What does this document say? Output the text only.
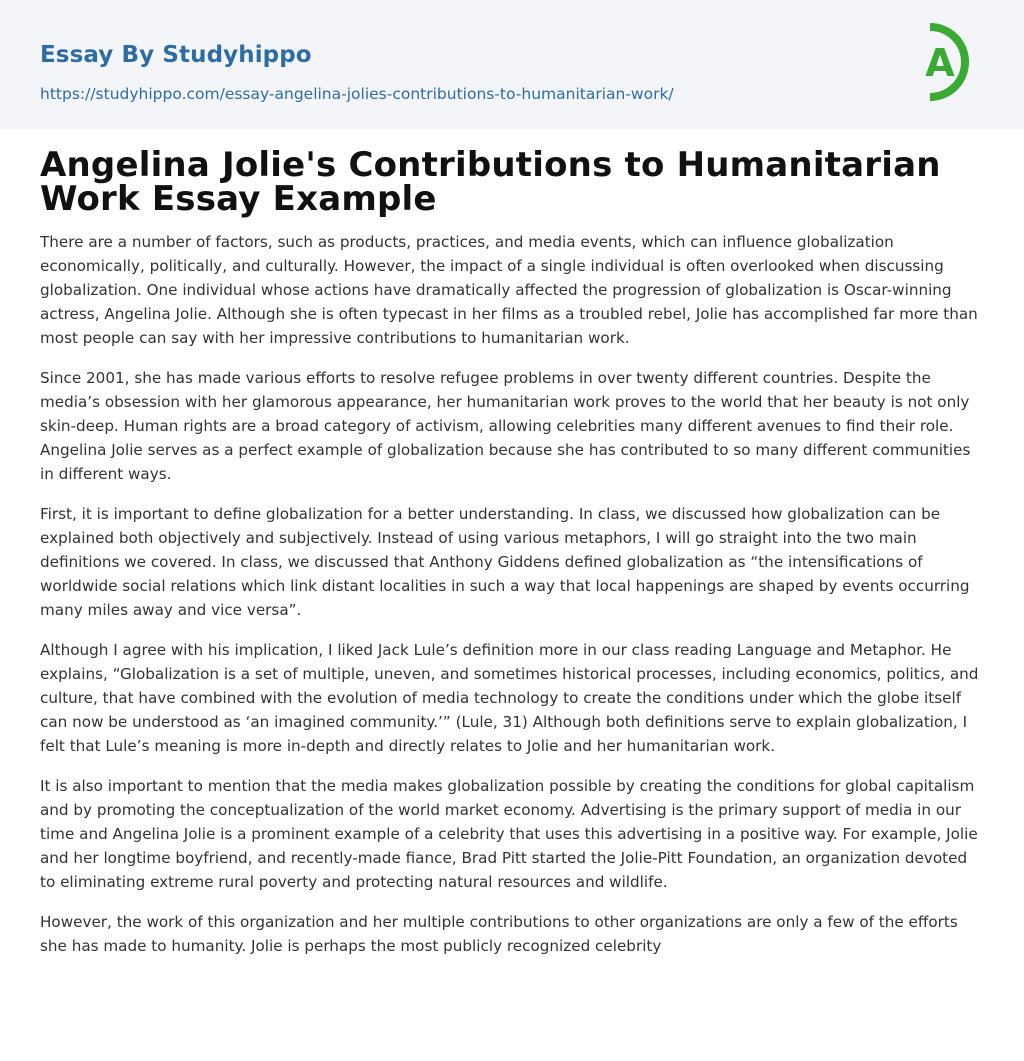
Essay By Studyhippo
https://studyhippo.com/essay-angelina-jolies-contributions-to-humanitarian-work/
A
Angelina Jolie's Contributions to Humanitarian Work Essay Example

There are a number of factors, such as products, practices, and media events, which can influence globalization economically, politically, and culturally. However, the impact of a single individual is often overlooked when discussing globalization. One individual whose actions have dramatically affected the progression of globalization is Oscar-winning actress, Angelina Jolie. Although she is often typecast in her films as a troubled rebel, Jolie has accomplished far more than most people can say with her impressive contributions to humanitarian work.

Since 2001, she has made various efforts to resolve refugee problems in over twenty different countries. Despite the media’s obsession with her glamorous appearance, her humanitarian work proves to the world that her beauty is not only skin-deep. Human rights are a broad category of activism, allowing celebrities many different avenues to find their role. Angelina Jolie serves as a perfect example of globalization because she has contributed to so many different communities in different ways.

First, it is important to define globalization for a better understanding. In class, we discussed how globalization can be explained both objectively and subjectively. Instead of using various metaphors, I will go straight into the two main definitions we covered. In class, we discussed that Anthony Giddens defined globalization as “the intensifications of worldwide social relations which link distant localities in such a way that local happenings are shaped by events occurring many miles away and vice versa”.

Although I agree with his implication, I liked Jack Lule’s definition more in our class reading Language and Metaphor. He explains, “Globalization is a set of multiple, uneven, and sometimes historical processes, including economics, politics, and culture, that have combined with the evolution of media technology to create the conditions under which the globe itself can now be understood as ‘an imagined community.’” (Lule, 31) Although both definitions serve to explain globalization, I felt that Lule’s meaning is more in-depth and directly relates to Jolie and her humanitarian work.

It is also important to mention that the media makes globalization possible by creating the conditions for global capitalism and by promoting the conceptualization of the world market economy. Advertising is the primary support of media in our time and Angelina Jolie is a prominent example of a celebrity that uses this advertising in a positive way. For example, Jolie and her longtime boyfriend, and recently-made fiance, Brad Pitt started the Jolie-Pitt Foundation, an organization devoted to eliminating extreme rural poverty and protecting natural resources and wildlife.

However, the work of this organization and her multiple contributions to other organizations are only a few of the efforts she has made to humanity. Jolie is perhaps the most publicly recognized celebrity
